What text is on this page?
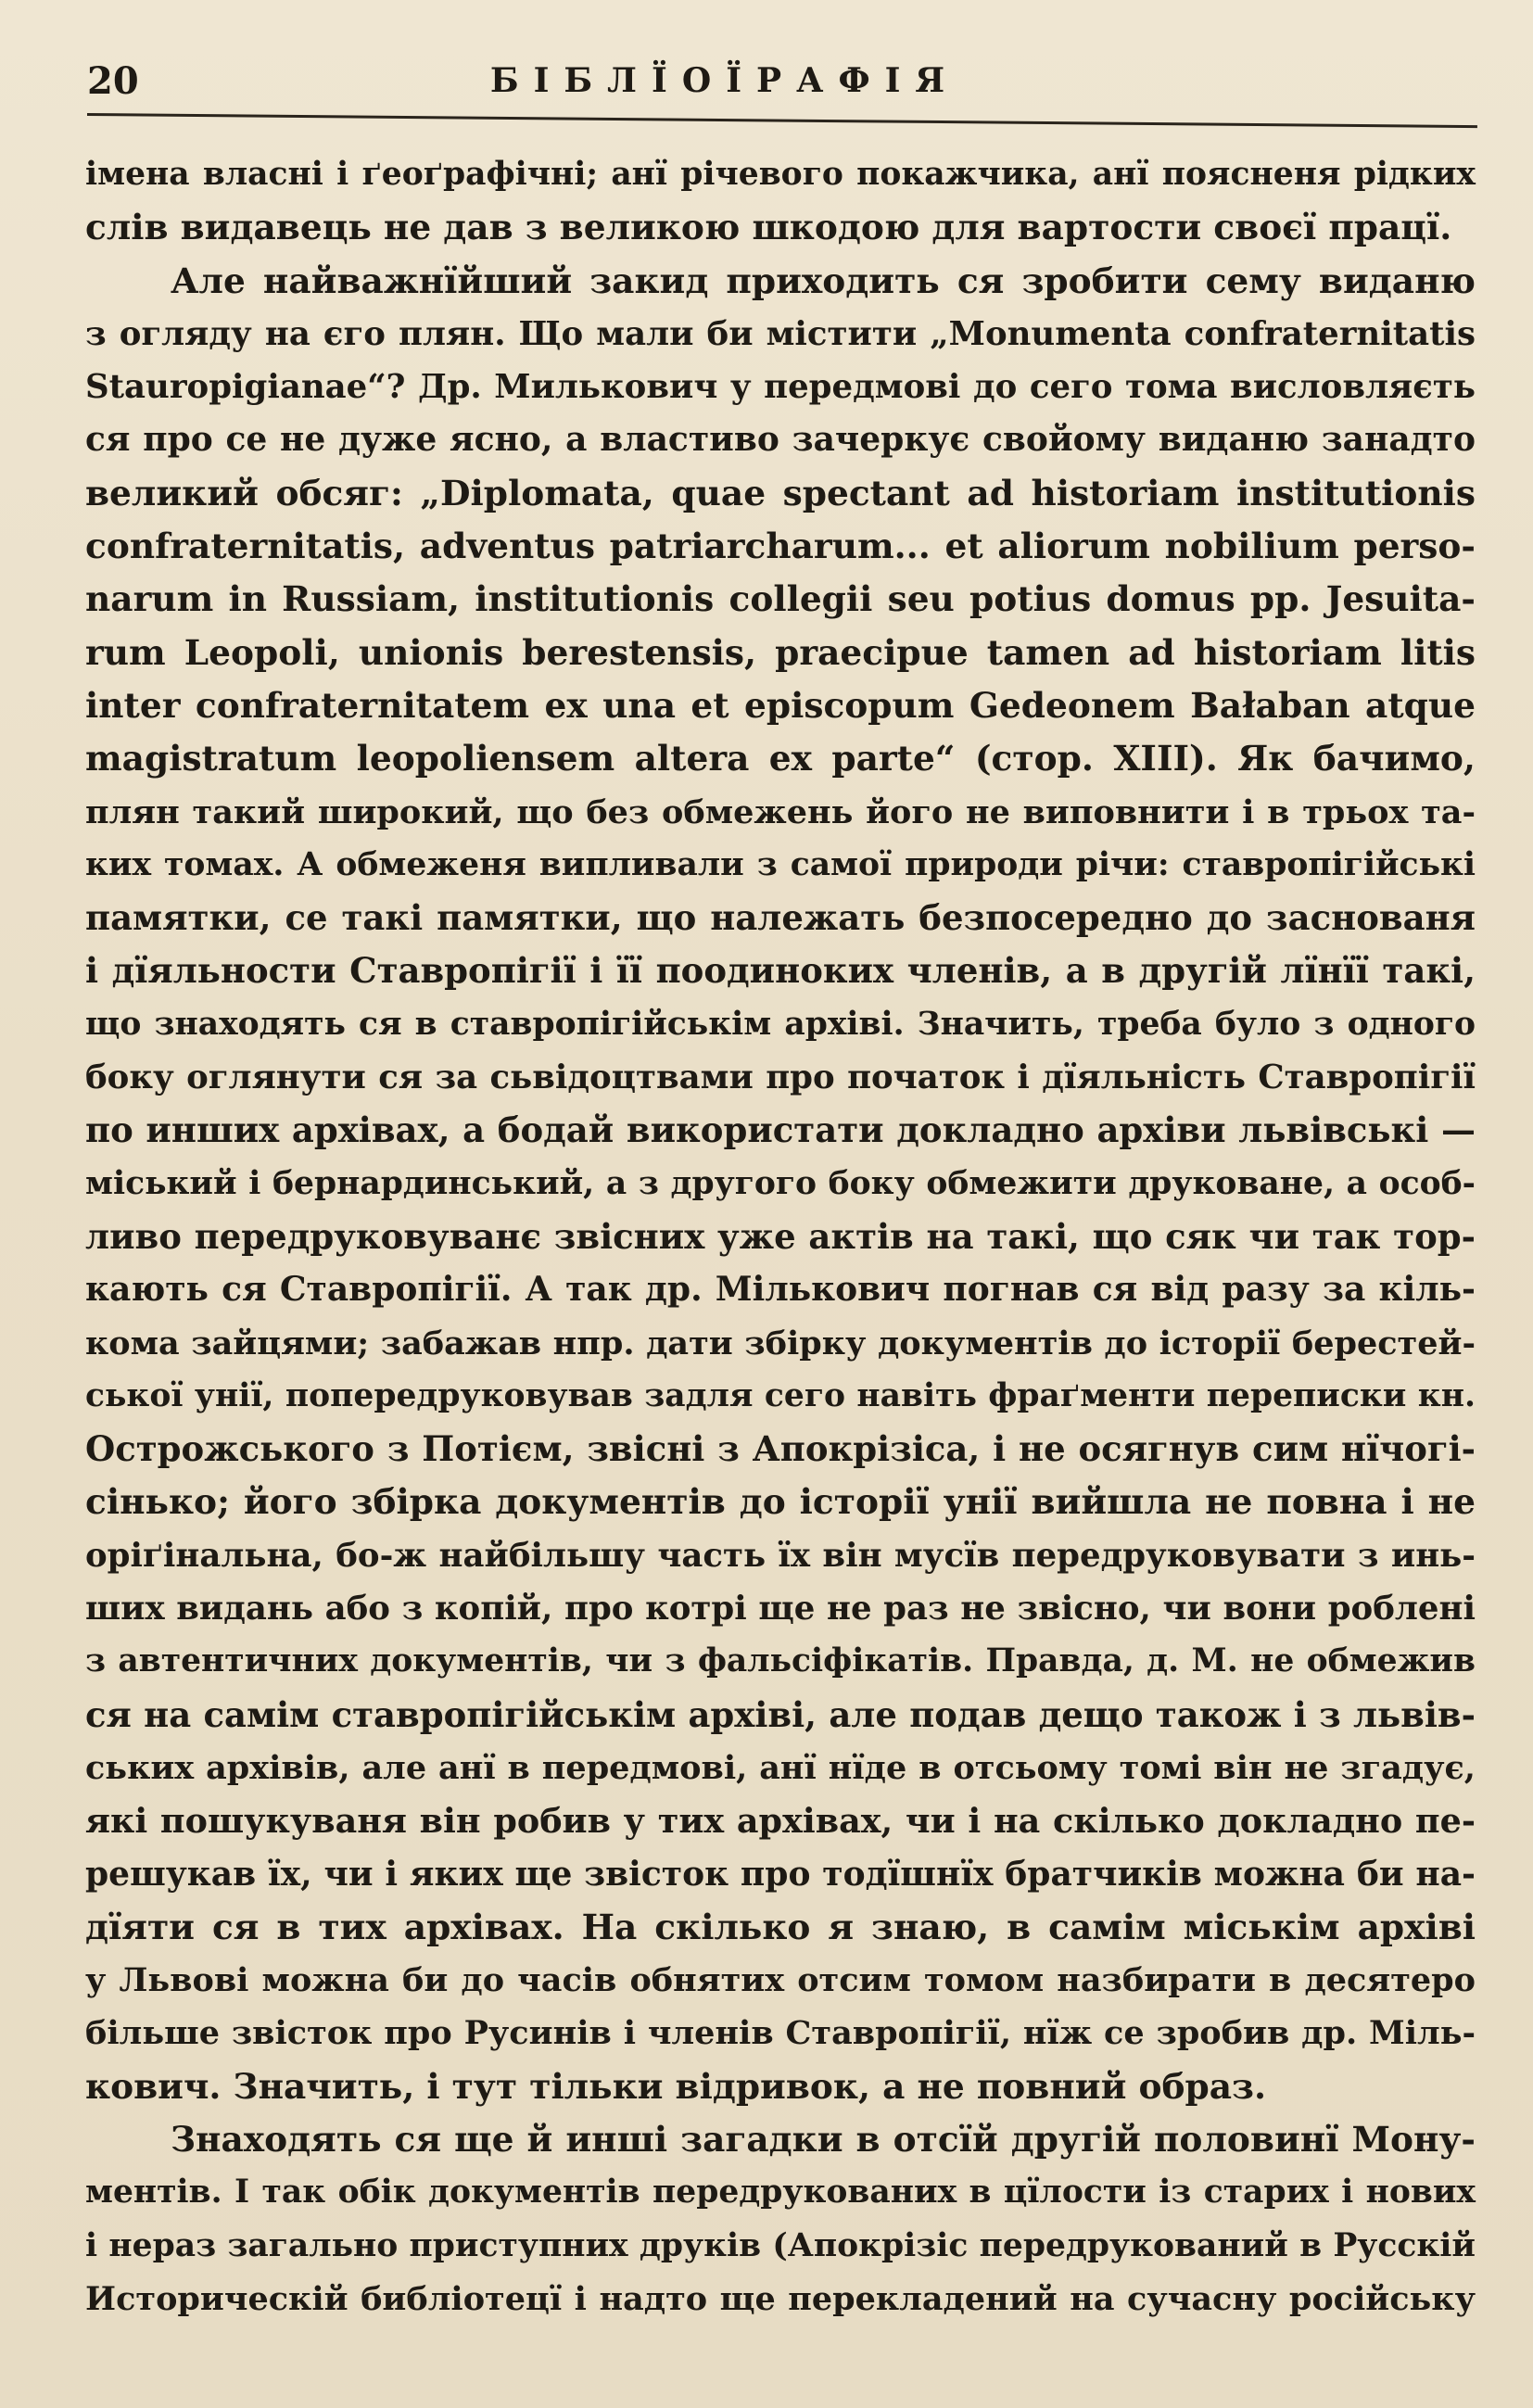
20	БІБЛЇОЇРАФІЯ
імена власні і ґеоґрафічні; анї річевого покажчика, анї поясненя рідких
слів видавець не дав з великою шкодою для вартости своєї працї.
Але найважнїйший закид приходить ся зробити сему виданю
з огляду на єго плян. Що мали би містити „Monumenta confraternitatis
Stauropigianae“? Др. Милькович у передмові до сего тома висловляєть
ся про се не дуже ясно, а властиво зачеркує свойому виданю занадто
великий обсяг: „Diplomata, quae spectant ad historiam institutionis
confraternitatis, adventus patriarcharum... et aliorum nobilium perso-
narum in Russiam, institutionis collegii seu potius domus pp. Jesuita-
rum Leopoli, unionis berestensis, praecipue tamen ad historiam litis
inter confraternitatem ex una et episcopum Gedeonem Bałaban atque
magistratum leopoliensem altera ex parte“ (стор. XIII). Як бачимо,
плян такий широкий, що без обмежень його не виповнити і в трьох та-
ких томах. А обмеженя випливали з самої природи річи: ставропігійські
памятки, се такі памятки, що належать безпосередно до заснованя
і дїяльности Ставропігії і її поодиноких членів, а в другій лїнїї такі,
що знаходять ся в ставропігійськім архіві. Значить, треба було з одного
боку оглянути ся за сьвідоцтвами про початок і дїяльність Ставропігії
по инших архівах, а бодай використати докладно архіви львівські —
міський і бернардинський, а з другого боку обмежити друковане, а особ-
ливо передруковуванє звісних уже актів на такі, що сяк чи так тор-
кають ся Ставропігії. А так др. Мількович погнав ся від разу за кіль-
кома зайцями; забажав нпр. дати збірку документів до історії берестей-
ської унії, попередруковував задля сего навіть фраґменти переписки кн.
Острожського з Потієм, звісні з Апокрізіса, і не осягнув сим нїчогі-
сінько; його збірка документів до історії унії вийшла не повна і не
оріґінальна, бо-ж найбільшу часть їх він мусїв передруковувати з инь-
ших видань або з копій, про котрі ще не раз не звісно, чи вони роблені
з автентичних документів, чи з фальсіфікатів. Правда, д. М. не обмежив
ся на самім ставропігійськім архіві, але подав дещо також і з львів-
ських архівів, але анї в передмові, анї нїде в отсьому томі він не згадує,
які пошукуваня він робив у тих архівах, чи і на скілько докладно пе-
решукав їх, чи і яких ще звісток про тодїшнїх братчиків можна би на-
дїяти ся в тих архівах. На скілько я знаю, в самім міськім архіві
у Львові можна би до часів обнятих отсим томом назбирати в десятеро
більше звісток про Русинів і членів Ставропігії, нїж се зробив др. Міль-
кович. Значить, і тут тільки відривок, а не повний образ.
Знаходять ся ще й инші загадки в отсїй другій половинї Мону-
ментів. І так обік документів передрукованих в цїлости із старих і нових
і нераз загально приступних друків (Апокрізіс передрукований в Русскій
Историческій библіотецї і надто ще перекладений на сучасну російську
